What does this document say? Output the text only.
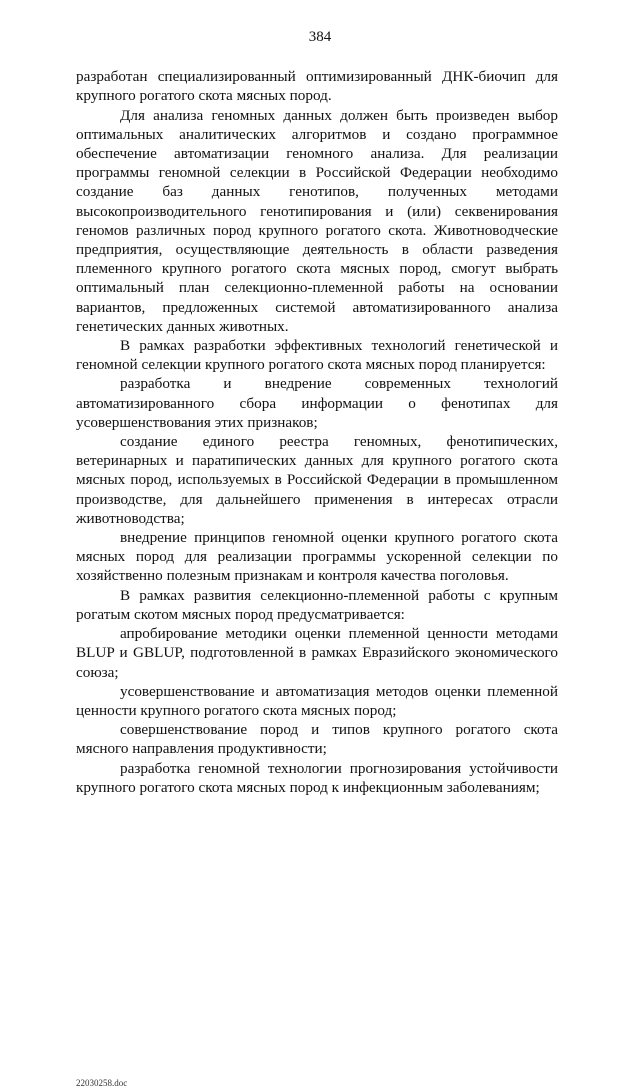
384

разработан специализированный оптимизированный ДНК-биочип для крупного рогатого скота мясных пород.

Для анализа геномных данных должен быть произведен выбор оптимальных аналитических алгоритмов и создано программное обеспечение автоматизации геномного анализа. Для реализации программы геномной селекции в Российской Федерации необходимо создание баз данных генотипов, полученных методами высокопроизводительного генотипирования и (или) секвенирования геномов различных пород крупного рогатого скота. Животноводческие предприятия, осуществляющие деятельность в области разведения племенного крупного рогатого скота мясных пород, смогут выбрать оптимальный план селекционно-племенной работы на основании вариантов, предложенных системой автоматизированного анализа генетических данных животных.

В рамках разработки эффективных технологий генетической и геномной селекции крупного рогатого скота мясных пород планируется:

разработка и внедрение современных технологий автоматизированного сбора информации о фенотипах для усовершенствования этих признаков;

создание единого реестра геномных, фенотипических, ветеринарных и паратипических данных для крупного рогатого скота мясных пород, используемых в Российской Федерации в промышленном производстве, для дальнейшего применения в интересах отрасли животноводства;

внедрение принципов геномной оценки крупного рогатого скота мясных пород для реализации программы ускоренной селекции по хозяйственно полезным признакам и контроля качества поголовья.

В рамках развития селекционно-племенной работы с крупным рогатым скотом мясных пород предусматривается:

апробирование методики оценки племенной ценности методами BLUP и GBLUP, подготовленной в рамках Евразийского экономического союза;

усовершенствование и автоматизация методов оценки племенной ценности крупного рогатого скота мясных пород;

совершенствование пород и типов крупного рогатого скота мясного направления продуктивности;

разработка геномной технологии прогнозирования устойчивости крупного рогатого скота мясных пород к инфекционным заболеваниям;

22030258.doc
